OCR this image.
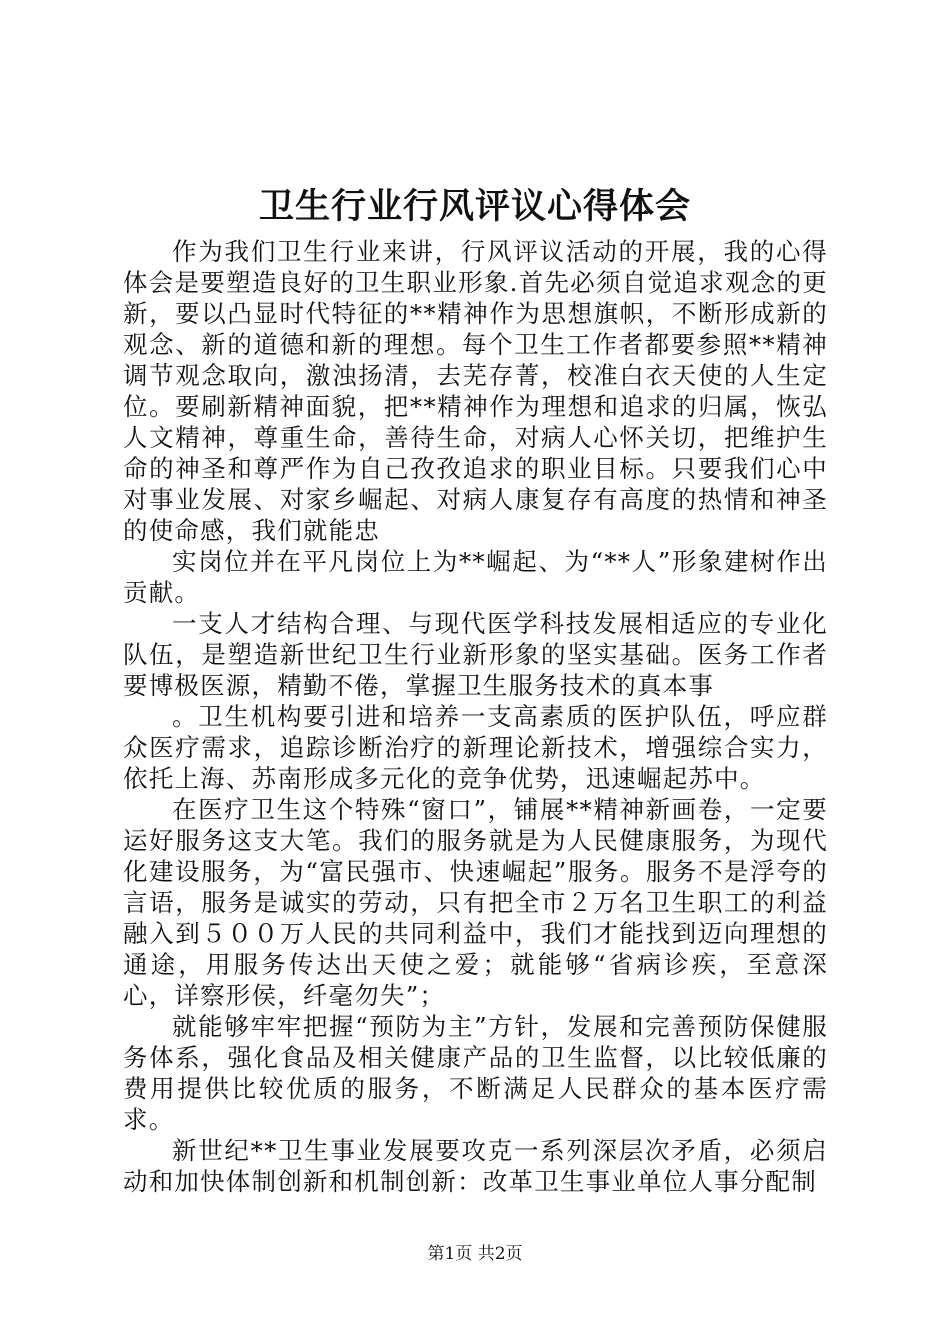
卫生行业行风评议心得体会

作为我们卫生行业来讲，行风评议活动的开展，我的心得体会是要塑造良好的卫生职业形象.首先必须自觉追求观念的更新，要以凸显时代特征的**精神作为思想旗帜，不断形成新的观念、新的道德和新的理想。每个卫生工作者都要参照**精神调节观念取向，激浊扬清，去芜存菁，校准白衣天使的人生定位。要刷新精神面貌，把**精神作为理想和追求的归属，恢弘人文精神，尊重生命，善待生命，对病人心怀关切，把维护生命的神圣和尊严作为自己孜孜追求的职业目标。只要我们心中对事业发展、对家乡崛起、对病人康复存有高度的热情和神圣的使命感，我们就能忠

实岗位并在平凡岗位上为**崛起、为“**人”形象建树作出贡献。

一支人才结构合理、与现代医学科技发展相适应的专业化队伍，是塑造新世纪卫生行业新形象的坚实基础。医务工作者要博极医源，精勤不倦，掌握卫生服务技术的真本事

。卫生机构要引进和培养一支高素质的医护队伍，呼应群众医疗需求，追踪诊断治疗的新理论新技术，增强综合实力，依托上海、苏南形成多元化的竞争优势，迅速崛起苏中。

在医疗卫生这个特殊“窗口”，铺展**精神新画卷，一定要运好服务这支大笔。我们的服务就是为人民健康服务，为现代化建设服务，为“富民强市、快速崛起”服务。服务不是浮夸的言语，服务是诚实的劳动，只有把全市２万名卫生职工的利益融入到５００万人民的共同利益中，我们才能找到迈向理想的通途，用服务传达出天使之爱；就能够“省病诊疾，至意深心，详察形侯，纤毫勿失”；

就能够牢牢把握“预防为主”方针，发展和完善预防保健服务体系，强化食品及相关健康产品的卫生监督，以比较低廉的费用提供比较优质的服务，不断满足人民群众的基本医疗需求。

新世纪**卫生事业发展要攻克一系列深层次矛盾，必须启动和加快体制创新和机制创新：改革卫生事业单位人事分配制

第1页 共2页
